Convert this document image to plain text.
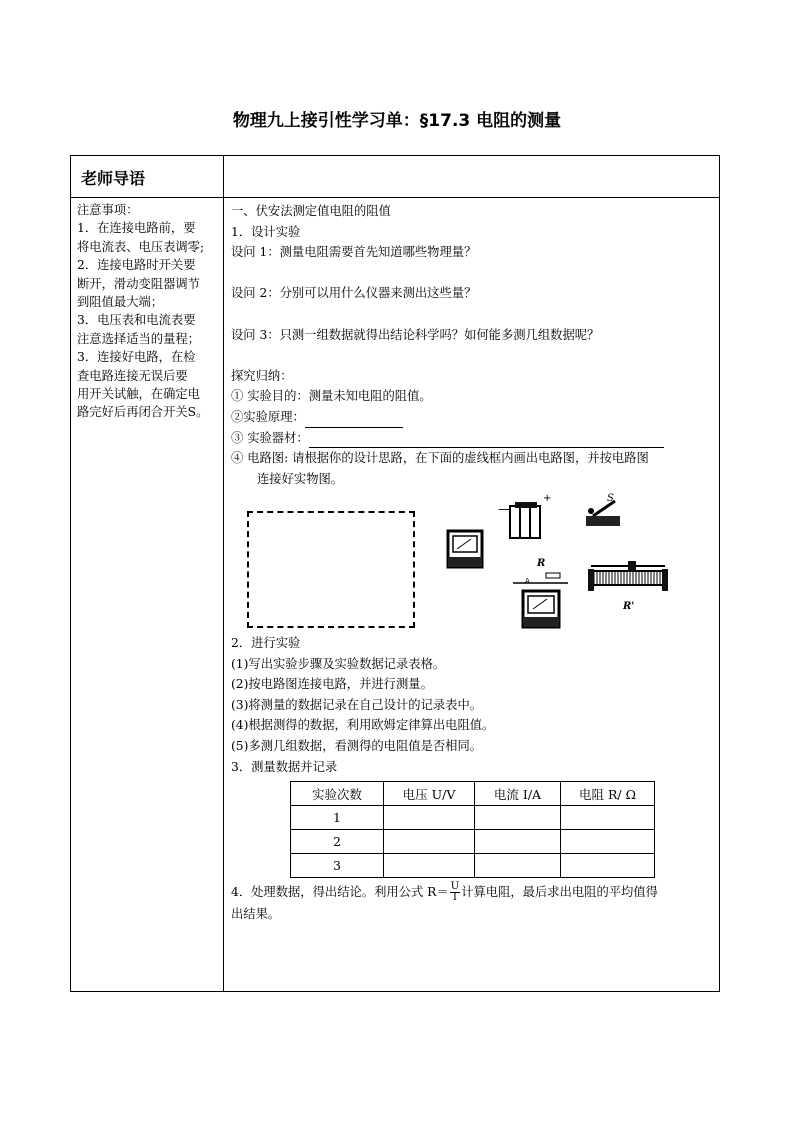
物理九上接引性学习单：§17.3 电阻的测量
老师导语
注意事项：
1．在连接电路前，要
将电流表、电压表调零;
2．连接电路时开关要
断开，滑动变阻器调节
到阻值最大端；
3．电压表和电流表要
注意选择适当的量程；
3．连接好电路，在检
查电路连接无误后要
用开关试触，在确定电
路完好后再闭合开关S。
一、伏安法测定值电阻的阻值
1．设计实验
设问 1：测量电阻需要首先知道哪些物理量？
设问 2：分别可以用什么仪器来测出这些量？
设问 3：只测一组数据就得出结论科学吗？如何能多测几组数据呢？
探究归纳：
① 实验目的：测量未知电阻的阻值。
②实验原理：
③ 实验器材：
④ 电路图: 请根据你的设计思路，在下面的虚线框内画出电路图，并按电路图
连接好实物图。
—
+	S
R
A
R'
2．进行实验
(1)写出实验步骤及实验数据记录表格。
(2)按电路图连接电路，并进行测量。
(3)将测量的数据记录在自己设计的记录表中。
(4)根据测得的数据，利用欧姆定律算出电阻值。
(5)多测几组数据，看测得的电阻值是否相同。
3．测量数据并记录
实验次数	电压 U/V	电流 I/A	电阻 R/ Ω
1			
2			
3			
4．处理数据，得出结论。利用公式 $R= \frac{U}{I}$ 计算电阻，最后求出电阻的平均值得
出结果。
